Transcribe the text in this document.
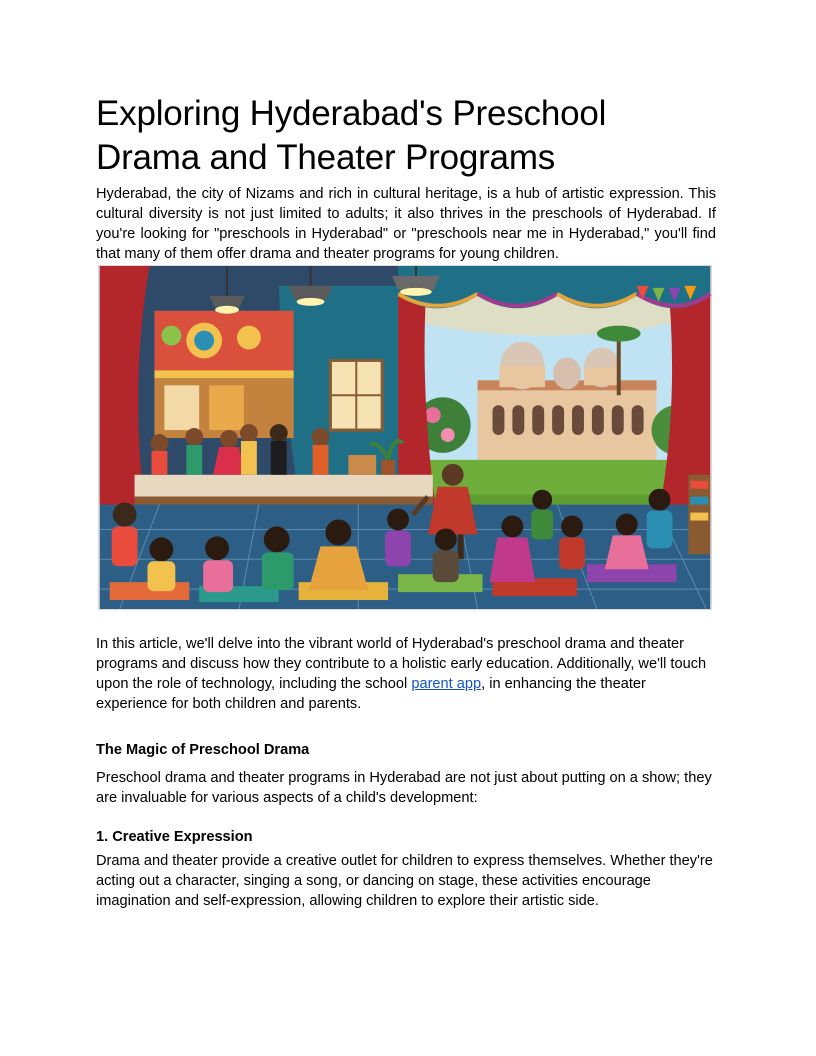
Exploring Hyderabad's Preschool Drama and Theater Programs

Hyderabad, the city of Nizams and rich in cultural heritage, is a hub of artistic expression. This cultural diversity is not just limited to adults; it also thrives in the preschools of Hyderabad. If you're looking for "preschools in Hyderabad" or "preschools near me in Hyderabad," you'll find that many of them offer drama and theater programs for young children.

In this article, we'll delve into the vibrant world of Hyderabad's preschool drama and theater programs and discuss how they contribute to a holistic early education. Additionally, we'll touch upon the role of technology, including the school parent app, in enhancing the theater experience for both children and parents.

The Magic of Preschool Drama

Preschool drama and theater programs in Hyderabad are not just about putting on a show; they are invaluable for various aspects of a child's development:

1. Creative Expression

Drama and theater provide a creative outlet for children to express themselves. Whether they're acting out a character, singing a song, or dancing on stage, these activities encourage imagination and self-expression, allowing children to explore their artistic side.
